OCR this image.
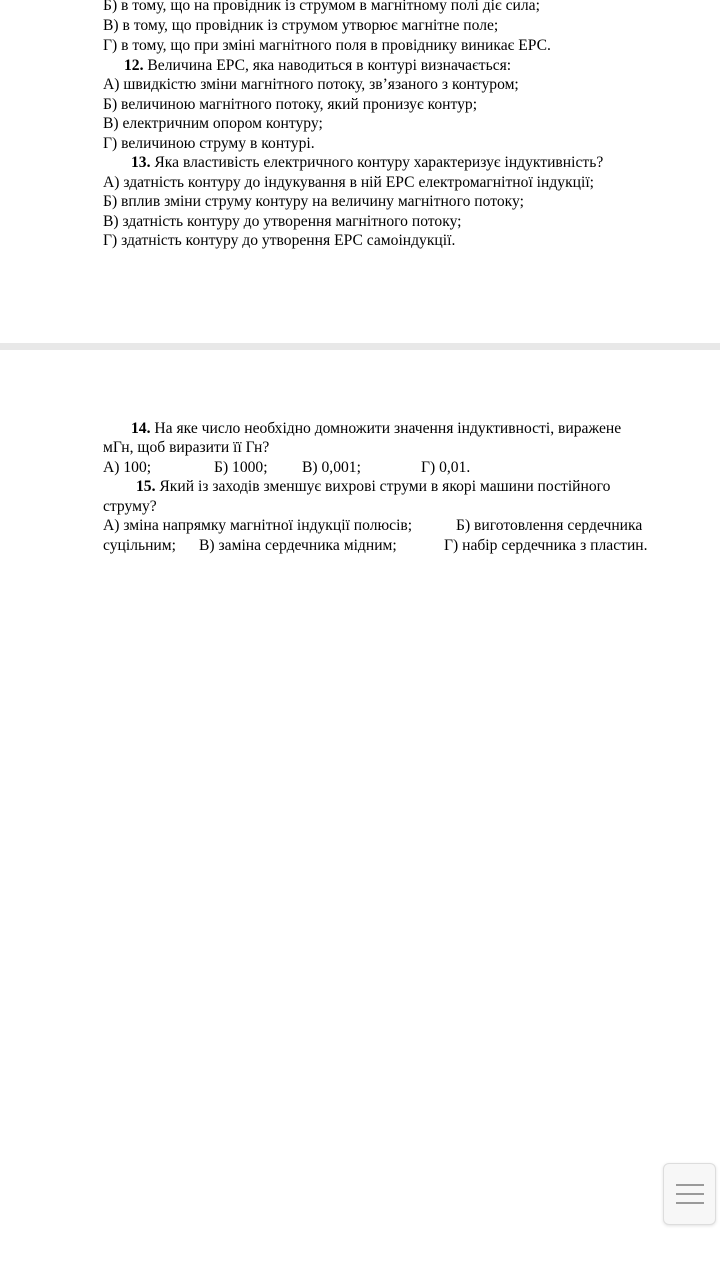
Б) в тому, що на провідник із струмом в магнітному полі діє сила;
В) в тому, що провідник із струмом утворює магнітне поле;
Г) в тому, що при зміні магнітного поля в провіднику виникає ЕРС.
12. Величина ЕРС, яка наводиться в контурі визначається:
А) швидкістю зміни магнітного потоку, зв’язаного з контуром;
Б) величиною магнітного потоку, який пронизує контур;
В) електричним опором контуру;
Г) величиною струму в контурі.
13. Яка властивість електричного контуру характеризує індуктивність?
А) здатність контуру до індукування в ній ЕРС електромагнітної індукції;
Б) вплив зміни струму контуру на величину магнітного потоку;
В) здатність контуру до утворення магнітного потоку;
Г) здатність контуру до утворення ЕРС самоіндукції.
14. На яке число необхідно домножити значення індуктивності, виражене
мГн, щоб виразити її Гн?
А) 100;	Б) 1000; В) 0,001;	Г) 0,01.
15. Який із заходів зменшує вихрові струми в якорі машини постійного
струму?
А) зміна напрямку магнітної індукції полюсів;	Б) виготовлення сердечника
суцільним; В) заміна сердечника мідним;	Г) набір сердечника з пластин.
